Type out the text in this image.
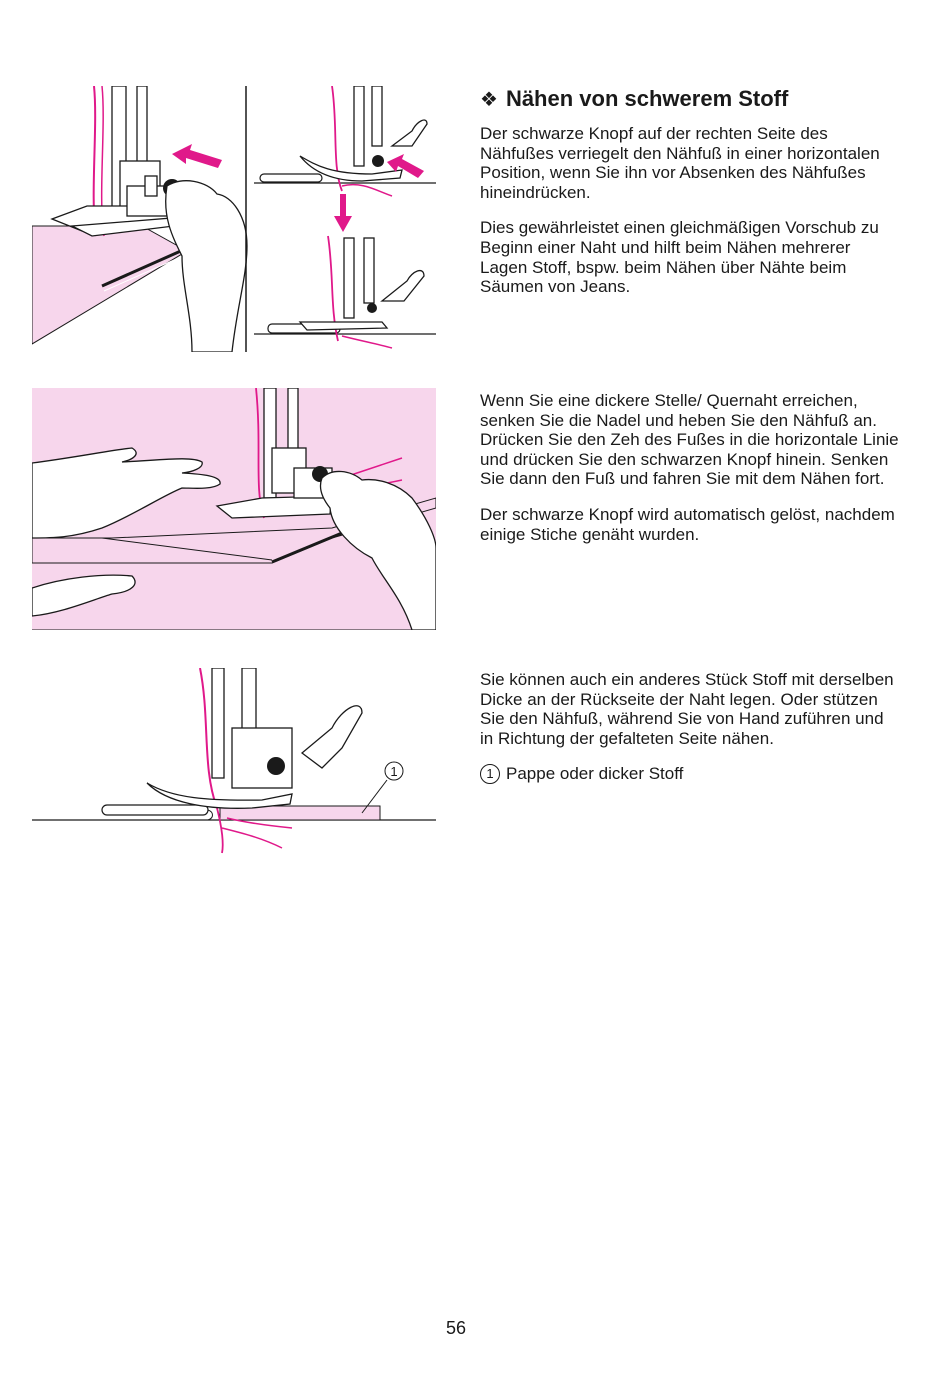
❖ Nähen von schwerem Stoff

Der schwarze Knopf auf der rechten Seite des Nähfußes verriegelt den Nähfuß in einer horizontalen Position, wenn Sie ihn vor Absenken des Nähfußes hineindrücken.

Dies gewährleistet einen gleichmäßigen Vorschub zu Beginn einer Naht und hilft beim Nähen mehrerer Lagen Stoff, bspw. beim Nähen über Nähte beim Säumen von Jeans.

Wenn Sie eine dickere Stelle/ Quernaht erreichen, senken Sie die Nadel und heben Sie den Nähfuß an. Drücken Sie den Zeh des Fußes in die horizontale Linie und drücken Sie den schwarzen Knopf hinein. Senken Sie dann den Fuß und fahren Sie mit dem Nähen fort.

Der schwarze Knopf wird automatisch gelöst, nachdem einige Stiche genäht wurden.

1

Sie können auch ein anderes Stück Stoff mit derselben Dicke an der Rückseite der Naht legen. Oder stützen Sie den Nähfuß, während Sie von Hand zuführen und in Richtung der gefalteten Seite nähen.

1 Pappe oder dicker Stoff

56
